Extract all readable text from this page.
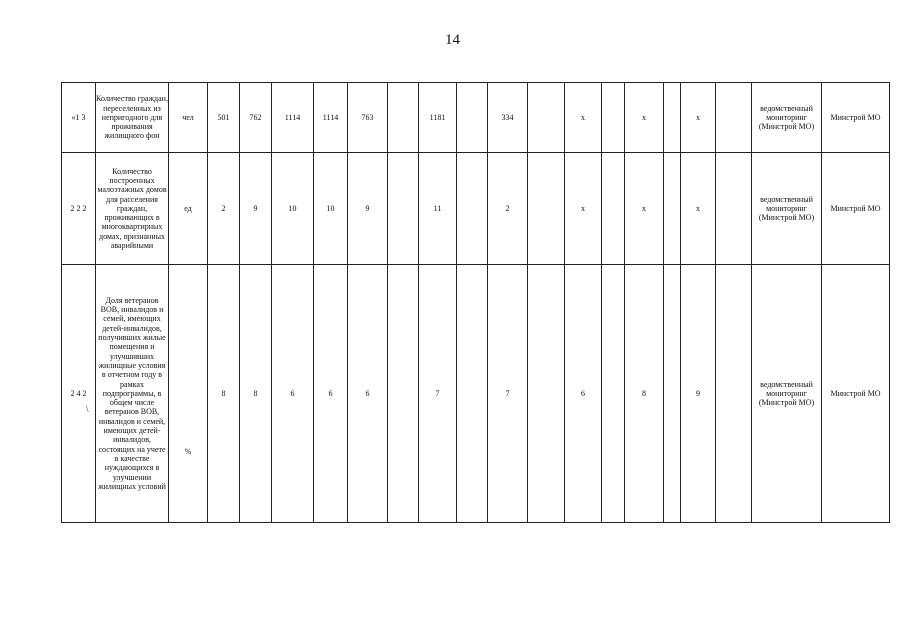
14
«1 3	Количество граждан, переселенных из непригодного для проживания жилищного фон	чел	501	762	1114	1114	763		1181		334		х		х		х		ведомственный мониторинг (Минстрой МО)	Минстрой МО
2 2 2	Количество построенных малоэтажных домов для расселения граждан, проживающих в многоквартирных домах, признанных аварийными	ед	2	9	10	10	9		11		2		х		х		х		ведомственный мониторинг (Минстрой МО)	Минстрой МО
2 4 2	Доля ветеранов ВОВ, инвалидов и семей, имеющих детей-инвалидов, получивших жилые помещения и улучшивших жилищные условия в отчетном году в рамках подпрограммы, в общем числе ветеранов ВОВ, инвалидов и семей, имеющих детей-инвалидов, состоящих на учете в качестве нуждающихся в улучшении жилищных условий	%	8	8	6	6	6		7		7		6		8		9		ведомственный мониторинг (Минстрой МО)	Минстрой МО
\
